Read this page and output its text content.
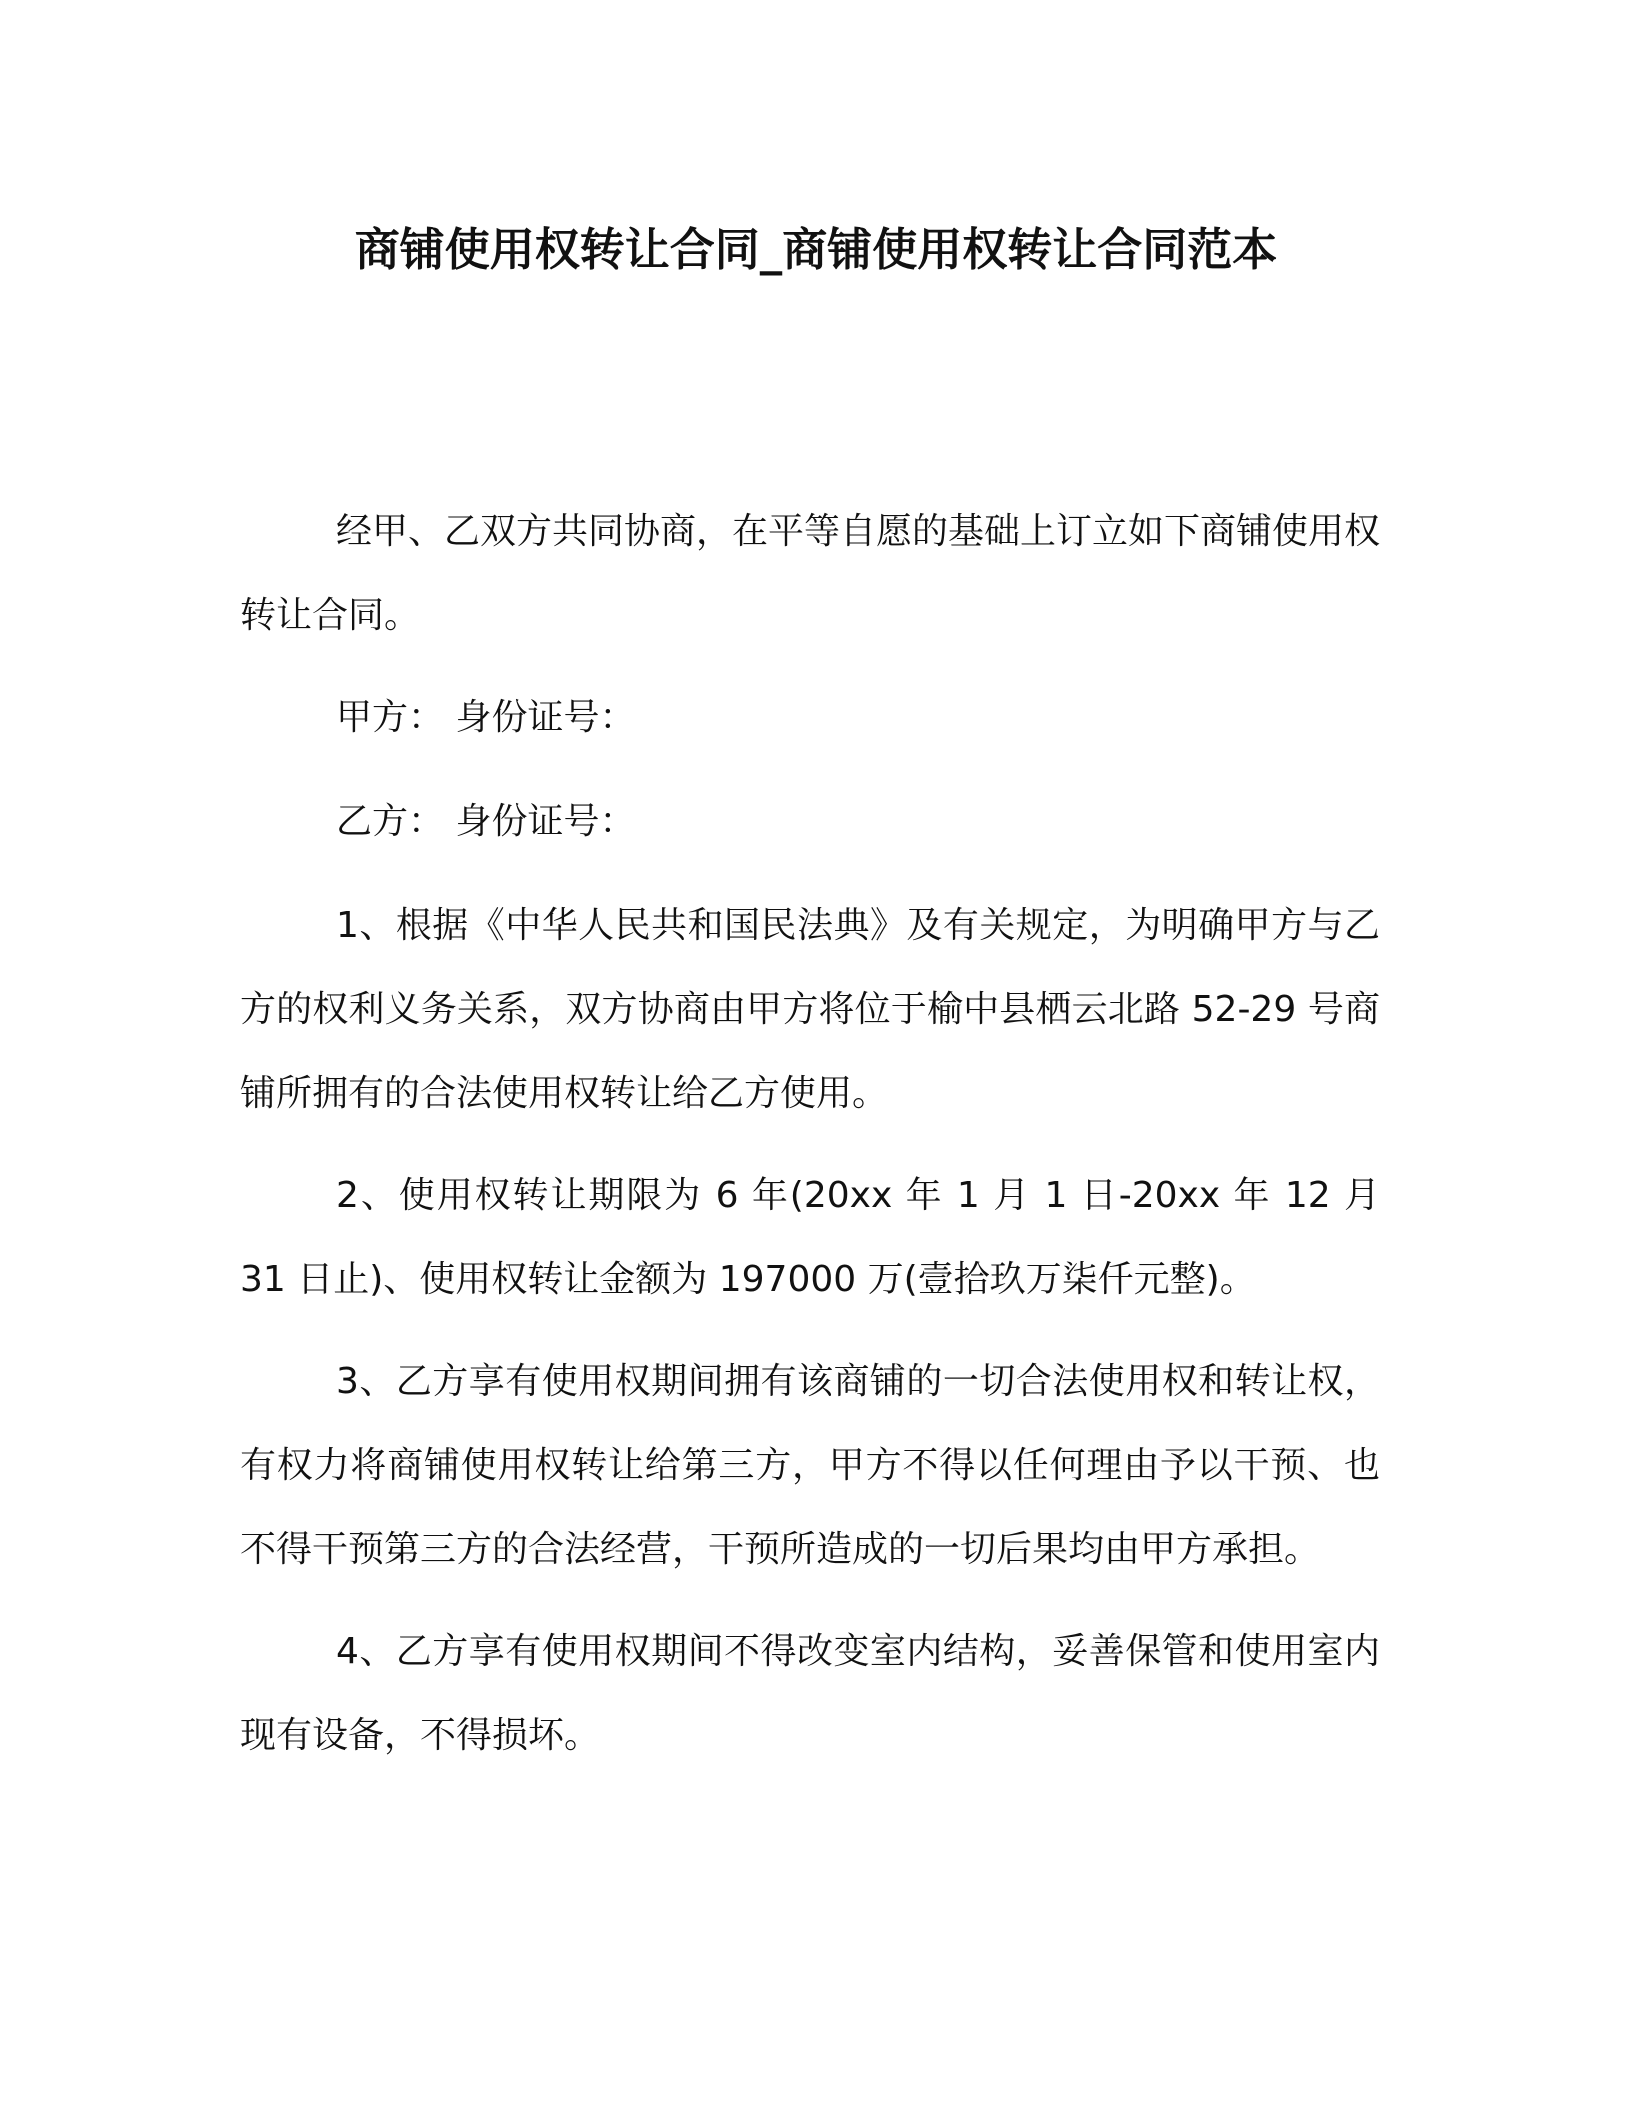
商铺使用权转让合同_商铺使用权转让合同范本

经甲、乙双方共同协商，在平等自愿的基础上订立如下商铺使用权转让合同。

甲方： 身份证号：

乙方： 身份证号：

1、根据《中华人民共和国民法典》及有关规定，为明确甲方与乙方的权利义务关系，双方协商由甲方将位于榆中县栖云北路 52-29 号商铺所拥有的合法使用权转让给乙方使用。

2、使用权转让期限为 6 年(20xx 年 1 月 1 日-20xx 年 12 月 31 日止)、使用权转让金额为 197000 万(壹拾玖万柒仟元整)。

3、乙方享有使用权期间拥有该商铺的一切合法使用权和转让权，有权力将商铺使用权转让给第三方，甲方不得以任何理由予以干预、也不得干预第三方的合法经营，干预所造成的一切后果均由甲方承担。

4、乙方享有使用权期间不得改变室内结构，妥善保管和使用室内现有设备，不得损坏。
